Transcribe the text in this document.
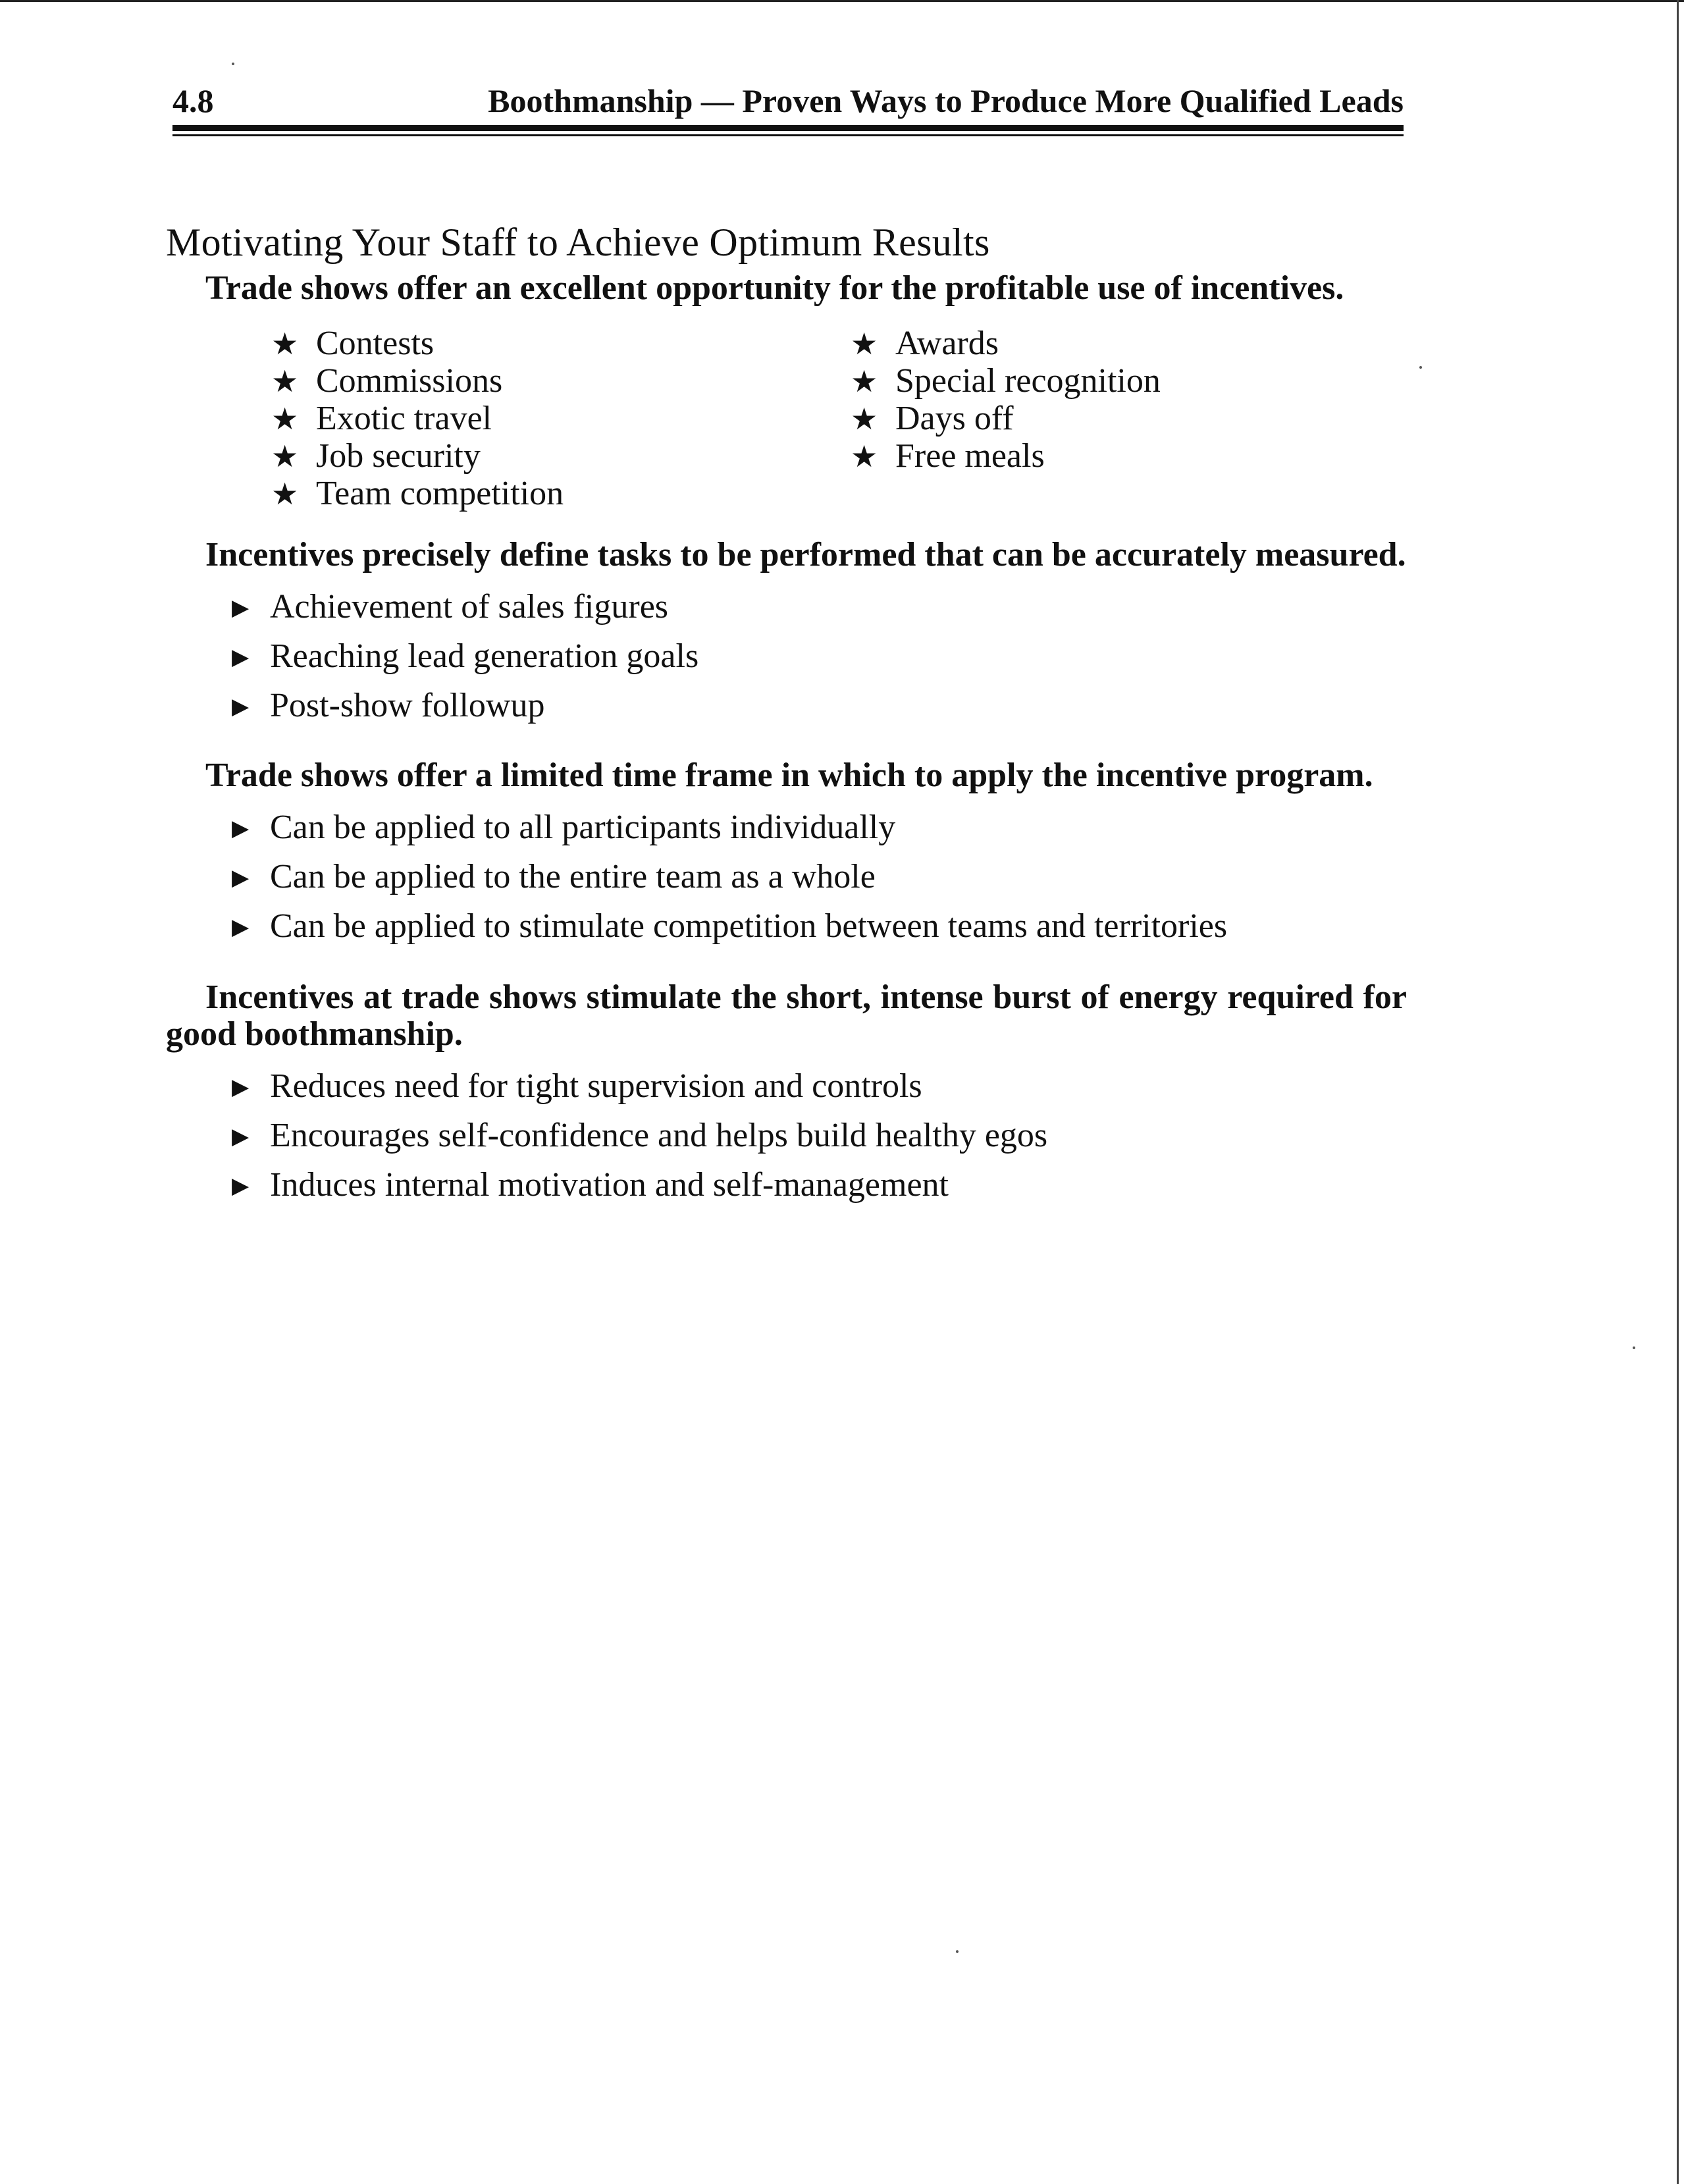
4.8	Boothmanship — Proven Ways to Produce More Qualified Leads
Motivating Your Staff to Achieve Optimum Results

Trade shows offer an excellent opportunity for the profitable use of incentives.

★ Contests
★ Commissions
★ Exotic travel
★ Job security
★ Team competition
★ Awards
★ Special recognition
★ Days off
★ Free meals

Incentives precisely define tasks to be performed that can be accurately measured.

▶ Achievement of sales figures
▶ Reaching lead generation goals
▶ Post-show followup

Trade shows offer a limited time frame in which to apply the incentive program.

▶ Can be applied to all participants individually
▶ Can be applied to the entire team as a whole
▶ Can be applied to stimulate competition between teams and territories

Incentives at trade shows stimulate the short, intense burst of energy required for good boothmanship.

▶ Reduces need for tight supervision and controls
▶ Encourages self-confidence and helps build healthy egos
▶ Induces internal motivation and self-management
